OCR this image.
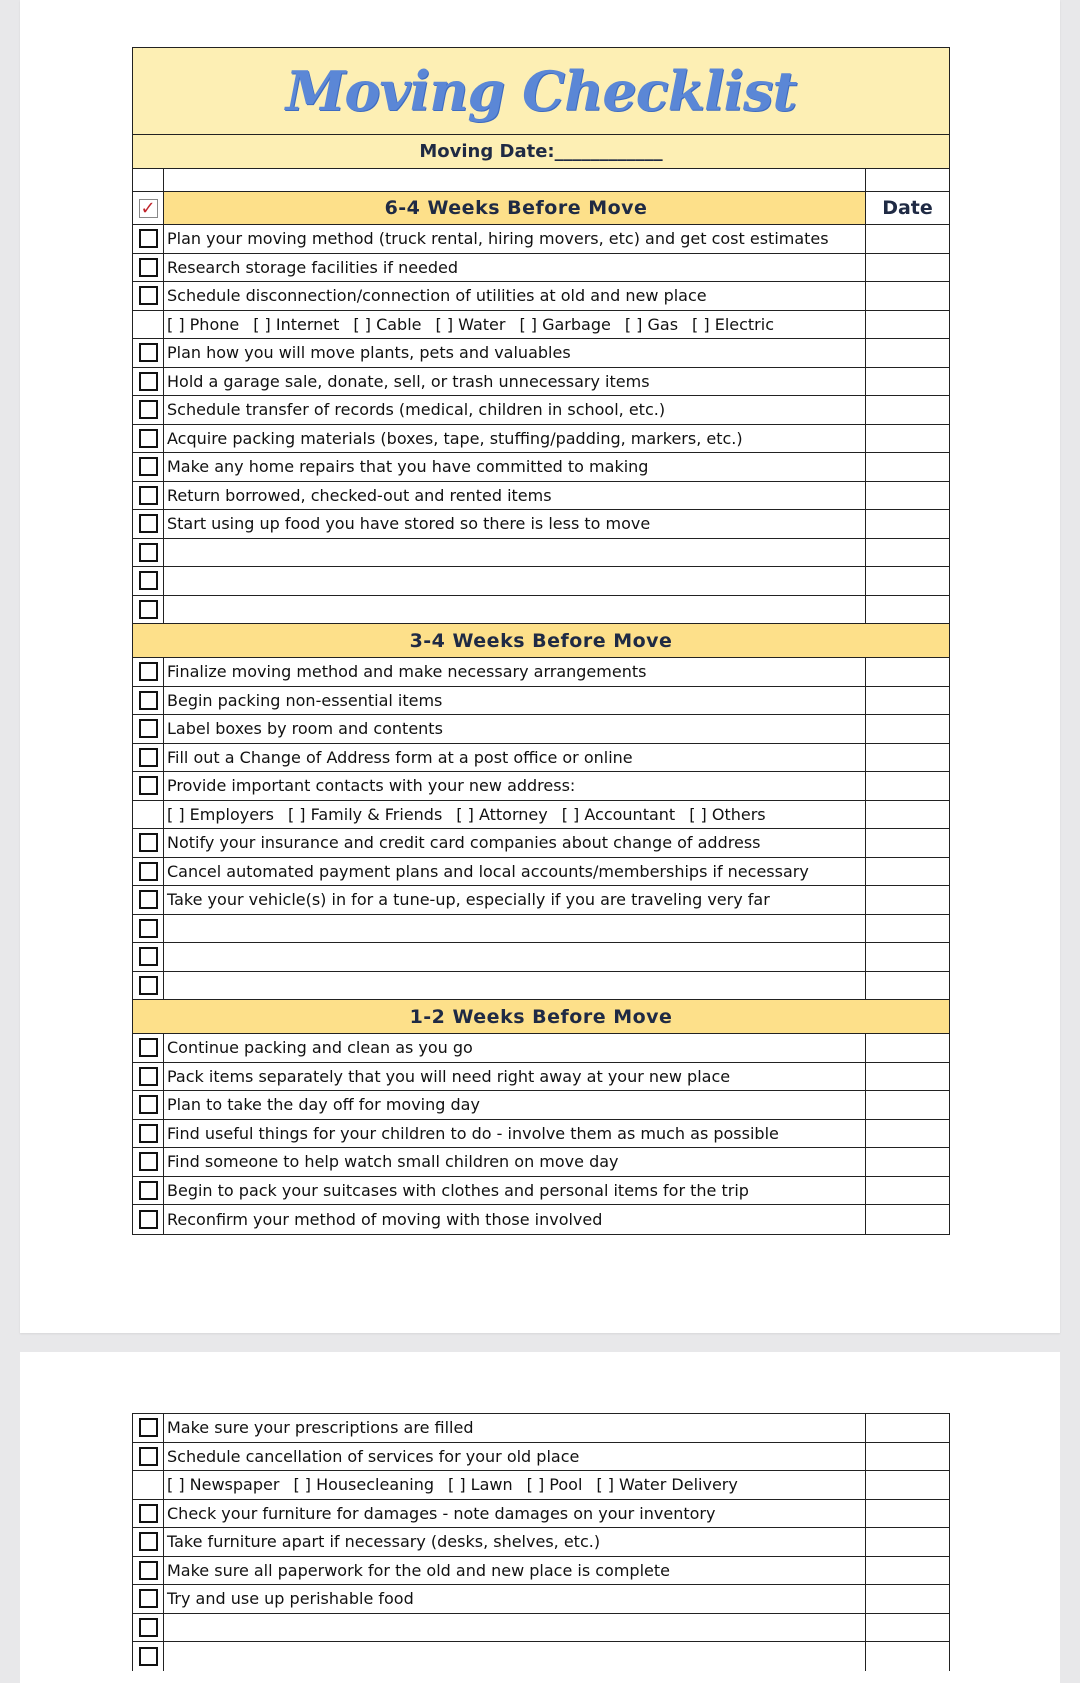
Moving Checklist
Moving Date:____________
✓	6-4 Weeks Before Move	Date
Plan your moving method (truck rental, hiring movers, etc) and get cost estimates
Research storage facilities if needed
Schedule disconnection/connection of utilities at old and new place
[ ] Phone [ ] Internet [ ] Cable [ ] Water [ ] Garbage [ ] Gas [ ] Electric
Plan how you will move plants, pets and valuables
Hold a garage sale, donate, sell, or trash unnecessary items
Schedule transfer of records (medical, children in school, etc.)
Acquire packing materials (boxes, tape, stuffing/padding, markers, etc.)
Make any home repairs that you have committed to making
Return borrowed, checked-out and rented items
Start using up food you have stored so there is less to move
3-4 Weeks Before Move
Finalize moving method and make necessary arrangements
Begin packing non-essential items
Label boxes by room and contents
Fill out a Change of Address form at a post office or online
Provide important contacts with your new address:
[ ] Employers [ ] Family & Friends [ ] Attorney [ ] Accountant [ ] Others
Notify your insurance and credit card companies about change of address
Cancel automated payment plans and local accounts/memberships if necessary
Take your vehicle(s) in for a tune-up, especially if you are traveling very far
1-2 Weeks Before Move
Continue packing and clean as you go
Pack items separately that you will need right away at your new place
Plan to take the day off for moving day
Find useful things for your children to do - involve them as much as possible
Find someone to help watch small children on move day
Begin to pack your suitcases with clothes and personal items for the trip
Reconfirm your method of moving with those involved
Make sure your prescriptions are filled
Schedule cancellation of services for your old place
[ ] Newspaper [ ] Housecleaning [ ] Lawn [ ] Pool [ ] Water Delivery
Check your furniture for damages - note damages on your inventory
Take furniture apart if necessary (desks, shelves, etc.)
Make sure all paperwork for the old and new place is complete
Try and use up perishable food
